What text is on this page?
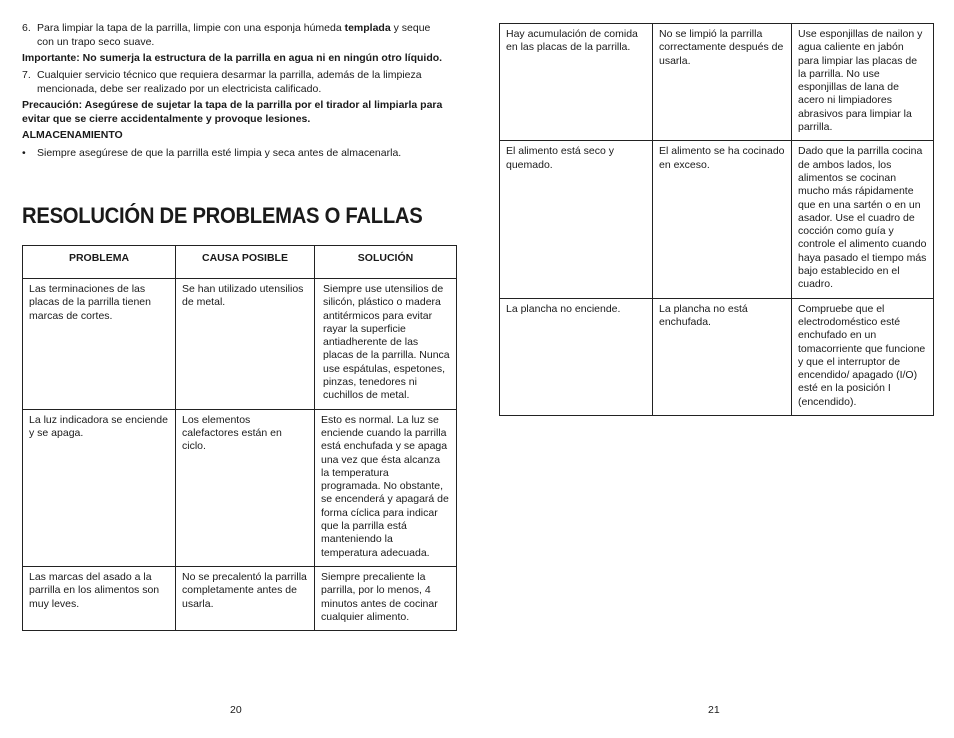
6. Para limpiar la tapa de la parrilla, limpie con una esponja húmeda templada y seque con un trapo seco suave.
Importante: No sumerja la estructura de la parrilla en agua ni en ningún otro líquido.
7. Cualquier servicio técnico que requiera desarmar la parrilla, además de la limpieza mencionada, debe ser realizado por un electricista calificado.
Precaución: Asegúrese de sujetar la tapa de la parrilla por el tirador al limpiarla para evitar que se cierre accidentalmente y provoque lesiones.
ALMACENAMIENTO
•	Siempre asegúrese de que la parrilla esté limpia y seca antes de almacenarla.
RESOLUCIÓN DE PROBLEMAS O FALLAS
PROBLEMA	CAUSA POSIBLE	SOLUCIÓN
Las terminaciones de las placas de la parrilla tienen marcas de cortes.	Se han utilizado utensilios de metal.	Siempre use utensilios de silicón, plástico o madera antitérmicos para evitar rayar la superficie antiadherente de las placas de la parrilla. Nunca use espátulas, espetones, pinzas, tenedores ni cuchillos de metal.
La luz indicadora se enciende y se apaga.	Los elementos calefactores están en ciclo.	Esto es normal. La luz se enciende cuando la parrilla está enchufada y se apaga una vez que ésta alcanza la temperatura programada. No obstante, se encenderá y apagará de forma cíclica para indicar que la parrilla está manteniendo la temperatura adecuada.
Las marcas del asado a la parrilla en los alimentos son muy leves.	No se precalentó la parrilla completamente antes de usarla.	Siempre precaliente la parrilla, por lo menos, 4 minutos antes de cocinar cualquier alimento.
20
Hay acumulación de comida en las placas de la parrilla.	No se limpió la parrilla correctamente después de usarla.	Use esponjillas de nailon y agua caliente en jabón para limpiar las placas de la parrilla. No use esponjillas de lana de acero ni limpiadores abrasivos para limpiar la parrilla.
El alimento está seco y quemado.	El alimento se ha cocinado en exceso.	Dado que la parrilla cocina de ambos lados, los alimentos se cocinan mucho más rápidamente que en una sartén o en un asador. Use el cuadro de cocción como guía y controle el alimento cuando haya pasado el tiempo más bajo establecido en el cuadro.
La plancha no enciende.	La plancha no está enchufada.	Compruebe que el electrodoméstico esté enchufado en un tomacorriente que funcione y que el interruptor de encendido/ apagado (I/O) esté en la posición I (encendido).
21
